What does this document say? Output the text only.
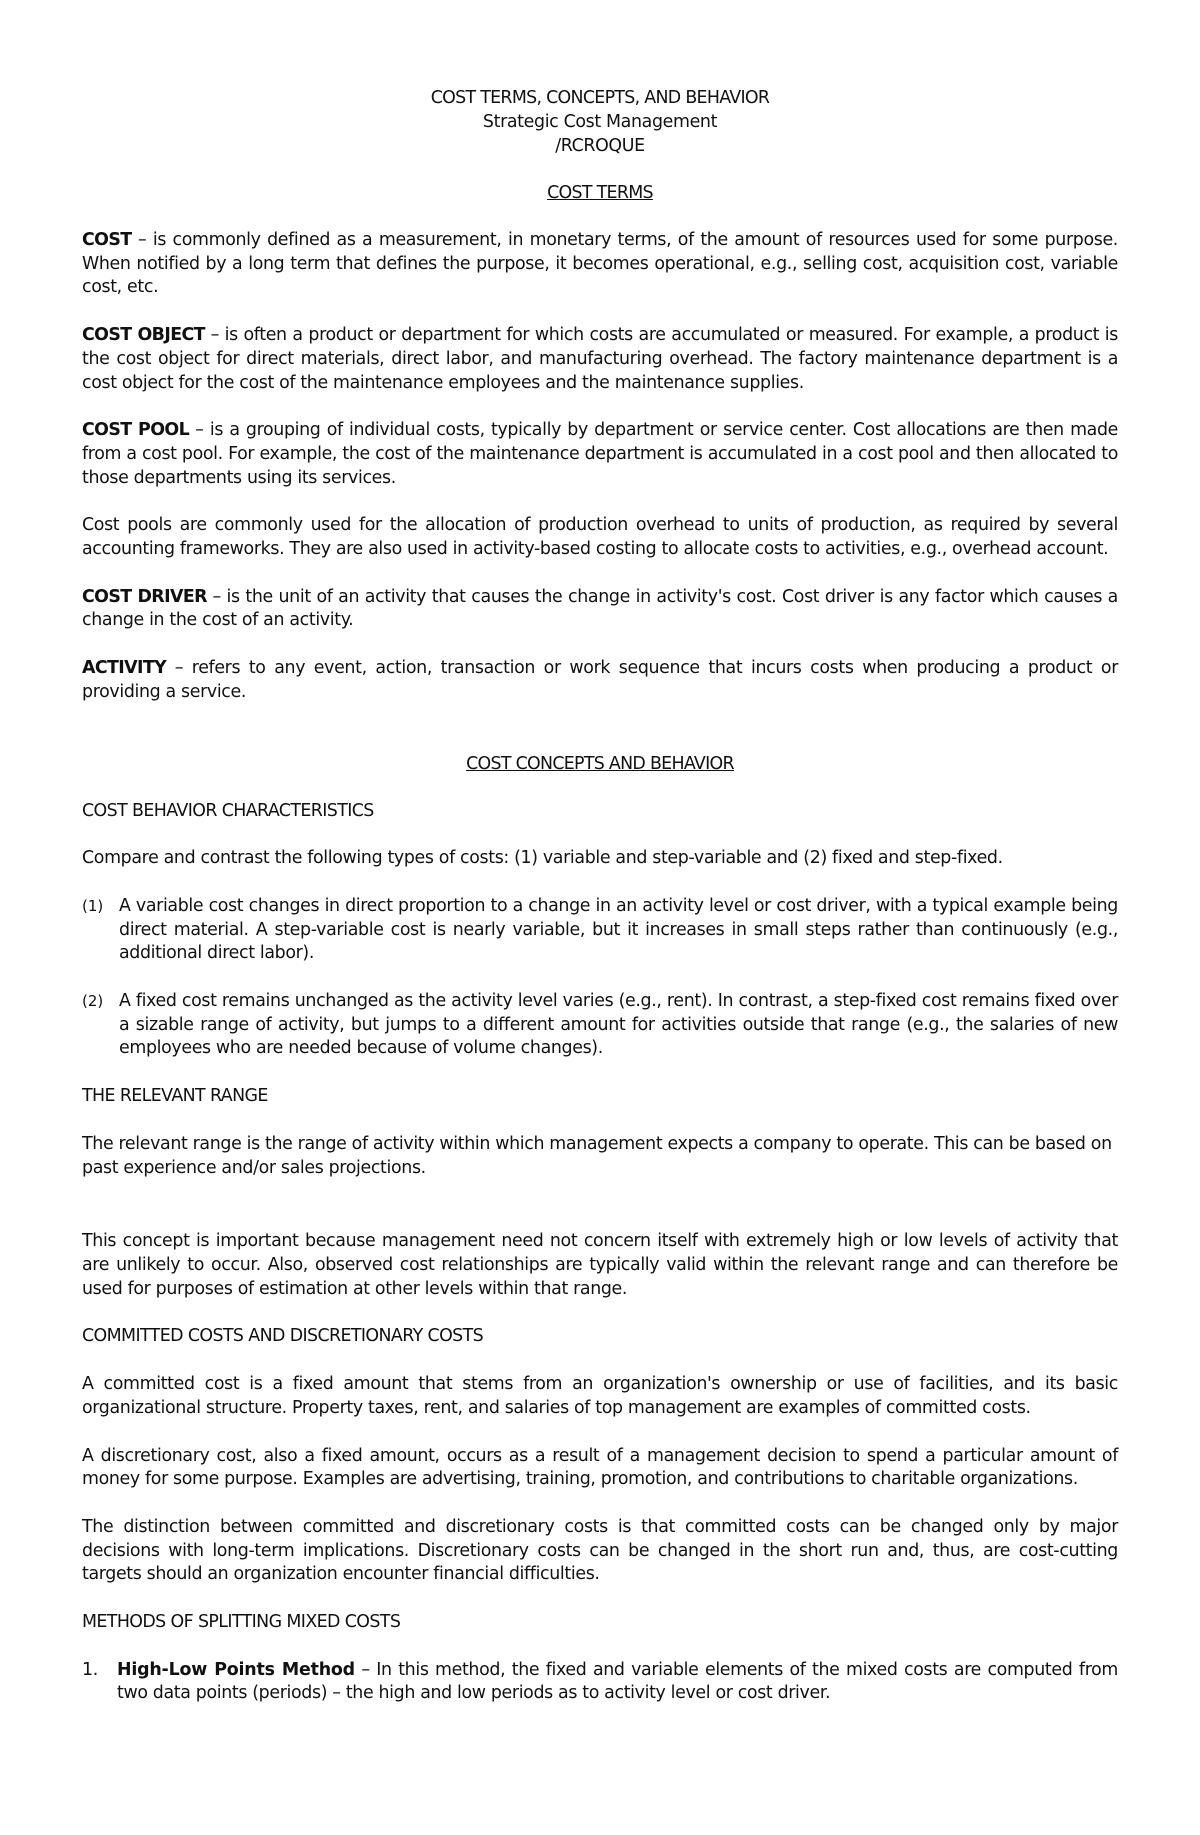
COST TERMS, CONCEPTS, AND BEHAVIOR
Strategic Cost Management
/RCROQUE
COST TERMS

COST – is commonly defined as a measurement, in monetary terms, of the amount of resources used for some purpose. When notified by a long term that defines the purpose, it becomes operational, e.g., selling cost, acquisition cost, variable cost, etc.

COST OBJECT – is often a product or department for which costs are accumulated or measured. For example, a product is the cost object for direct materials, direct labor, and manufacturing overhead. The factory maintenance department is a cost object for the cost of the maintenance employees and the maintenance supplies.

COST POOL – is a grouping of individual costs, typically by department or service center. Cost allocations are then made from a cost pool. For example, the cost of the maintenance department is accumulated in a cost pool and then allocated to those departments using its services.

Cost pools are commonly used for the allocation of production overhead to units of production, as required by several accounting frameworks. They are also used in activity-based costing to allocate costs to activities, e.g., overhead account.

COST DRIVER – is the unit of an activity that causes the change in activity's cost. Cost driver is any factor which causes a change in the cost of an activity.

ACTIVITY – refers to any event, action, transaction or work sequence that incurs costs when producing a product or providing a service.

COST CONCEPTS AND BEHAVIOR
COST BEHAVIOR CHARACTERISTICS

Compare and contrast the following types of costs: (1) variable and step-variable and (2) fixed and step-fixed.

(1) A variable cost changes in direct proportion to a change in an activity level or cost driver, with a typical example being direct material. A step-variable cost is nearly variable, but it increases in small steps rather than continuously (e.g., additional direct labor).
(2) A fixed cost remains unchanged as the activity level varies (e.g., rent). In contrast, a step-fixed cost remains fixed over a sizable range of activity, but jumps to a different amount for activities outside that range (e.g., the salaries of new employees who are needed because of volume changes).
THE RELEVANT RANGE

The relevant range is the range of activity within which management expects a company to operate. This can be based on past experience and/or sales projections.

This concept is important because management need not concern itself with extremely high or low levels of activity that are unlikely to occur. Also, observed cost relationships are typically valid within the relevant range and can therefore be used for purposes of estimation at other levels within that range.

COMMITTED COSTS AND DISCRETIONARY COSTS

A committed cost is a fixed amount that stems from an organization's ownership or use of facilities, and its basic organizational structure. Property taxes, rent, and salaries of top management are examples of committed costs.

A discretionary cost, also a fixed amount, occurs as a result of a management decision to spend a particular amount of money for some purpose. Examples are advertising, training, promotion, and contributions to charitable organizations.

The distinction between committed and discretionary costs is that committed costs can be changed only by major decisions with long-term implications. Discretionary costs can be changed in the short run and, thus, are cost-cutting targets should an organization encounter financial difficulties.

METHODS OF SPLITTING MIXED COSTS
1. High-Low Points Method – In this method, the fixed and variable elements of the mixed costs are computed from two data points (periods) – the high and low periods as to activity level or cost driver.
